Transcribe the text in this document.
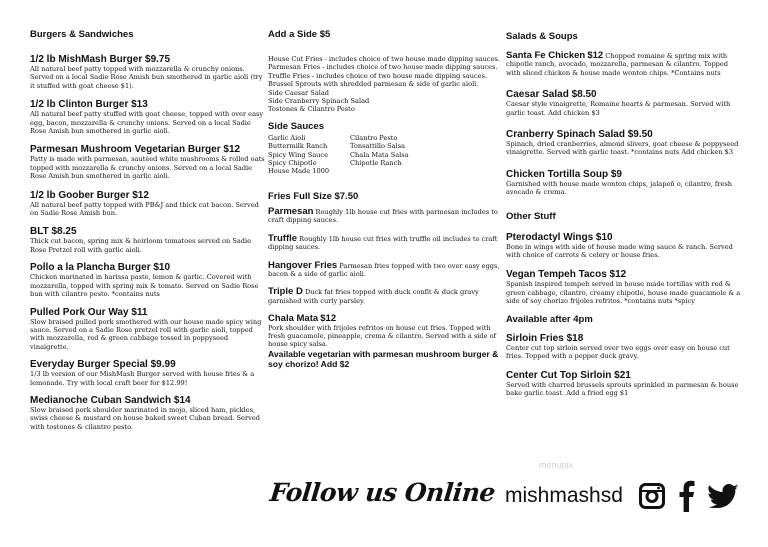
Burgers & Sandwiches

1/2 lb MishMash Burger $9.75
All natural beef patty topped with mozzarella & crunchy onions. Served on a local Sadie Rose Amish bun smothered in garlic aioli (try it stuffed with goat cheese $1).
1/2 lb Clinton Burger $13
All natural beef patty stuffed with goat cheese, topped with over easy egg, bacon, mozzarella & crunchy onions. Served on a local Sadie Rose Amish bun smothered in garlic aioli.
Parmesan Mushroom Vegetarian Burger $12
Patty is made with parmesan, sautéed white mushrooms & rolled oats topped with mozzarella & crunchy onions. Served on a local Sadie Rose Amish bun smothered in garlic aioli.
1/2 lb Goober Burger $12
All natural beef patty topped with PB&J and thick cut bacon. Served on Sadie Rose Amish bun.
BLT $8.25
Thick cut bacon, spring mix & heirloom tomatoes served on Sadie Rose Pretzel roll with garlic aioli.
Pollo a la Plancha Burger $10
Chicken marinated in harissa paste, lemon & garlic. Covered with mozzarella, topped with spring mix & tomato. Served on Sadie Rose bun with cilantro pesto. *contains nuts
Pulled Pork Our Way $11
Slow braised pulled pork smothered with our house made spicy wing sauce. Served on a Sadie Rose pretzel roll with garlic aioli, topped with mozzarella, red & green cabbage tossed in poppyseed vinaigrette.
Everyday Burger Special $9.99
1/3 lb version of our MishMash Burger served with house fries & a lemonade. Try with local craft beer for $12.99!
Medianoche Cuban Sandwich $14
Slow braised pork shoulder marinated in mojo, sliced ham, pickles, swiss cheese & mustard on house baked sweet Cuban bread. Served with tostones & cilantro pesto.

Add a Side $5

House Cut Fries - includes choice of two house made dipping sauces.
Parmesan Fries - includes choice of two house made dipping sauces.
Truffle Fries - includes choice of two house made dipping sauces.
Brussel Sprouts with shredded parmesan & side of garlic aioli.
Side Caesar Salad
Side Cranberry Spinach Salad
Tostones & Cilantro Pesto

Side Sauces

Garlic Aioli
Buttermilk Ranch
Spicy Wing Sauce
Spicy Chipotle
House Made 1000
Cilantro Pesto
Tonsattillo Salsa
Chala Mata Salsa
Chipotle Ranch

Fries Full Size $7.50

Parmesan Roughly 1lb house cut fries with parmesan includes to craft dipping sauces.
Truffle Roughly 1lb house cut fries with truffle oil includes to craft dipping sauces.
Hangover Fries Parmesan fries topped with two over easy eggs, bacon & a side of garlic aioli.
Triple D Duck fat fries topped with duck confit & duck gravy garnished with curly parsley.
Chala Mata $12
Pork shoulder with frijoles refritos on house cut fries. Topped with fresh guacamole, pineapple, crema & cilantro. Served with a side of house spicy salsa.
Available vegetarian with parmesan mushroom burger & soy chorizo! Add $2

Salads & Soups

Santa Fe Chicken $12 Chopped romaine & spring mix with chipotle ranch, avocado, mozzarella, parmesan & cilantro. Topped with sliced chicken & house made wonton chips. *Contains nuts
Caesar Salad $8.50
Caesar style vinaigrette, Romaine hearts & parmesan. Served with garlic toast. Add chicken $3
Cranberry Spinach Salad $9.50
Spinach, dried cranberries, almond slivers, goat cheese & poppyseed vinaigrette. Served with garlic toast. *contains nuts Add chicken $3
Chicken Tortilla Soup $9
Garnished with house made wonton chips, jalapeñ o, cilantro, fresh avocado & crema.

Other Stuff

Pterodactyl Wings $10
Bone in wings with side of house made wing sauce & ranch. Served with choice of carrots & celery or house fries.
Vegan Tempeh Tacos $12
Spanish inspired tempeh served in house made tortillas with red & green cabbage, cilantro, creamy chipotle, house made guacamole & a side of soy chorizo frijoles refritos. *contains nuts *spicy

Available after 4pm

Sirloin Fries $18
Center cut top sirloin served over two eggs over easy on house cut fries. Topped with a pepper duck gravy.
Center Cut Top Sirloin $21
Served with charred brussels sprouts sprinkled in parmesan & house bake garlic toast. Add a fried egg $1
menupix
Follow us Online mishmashsd
